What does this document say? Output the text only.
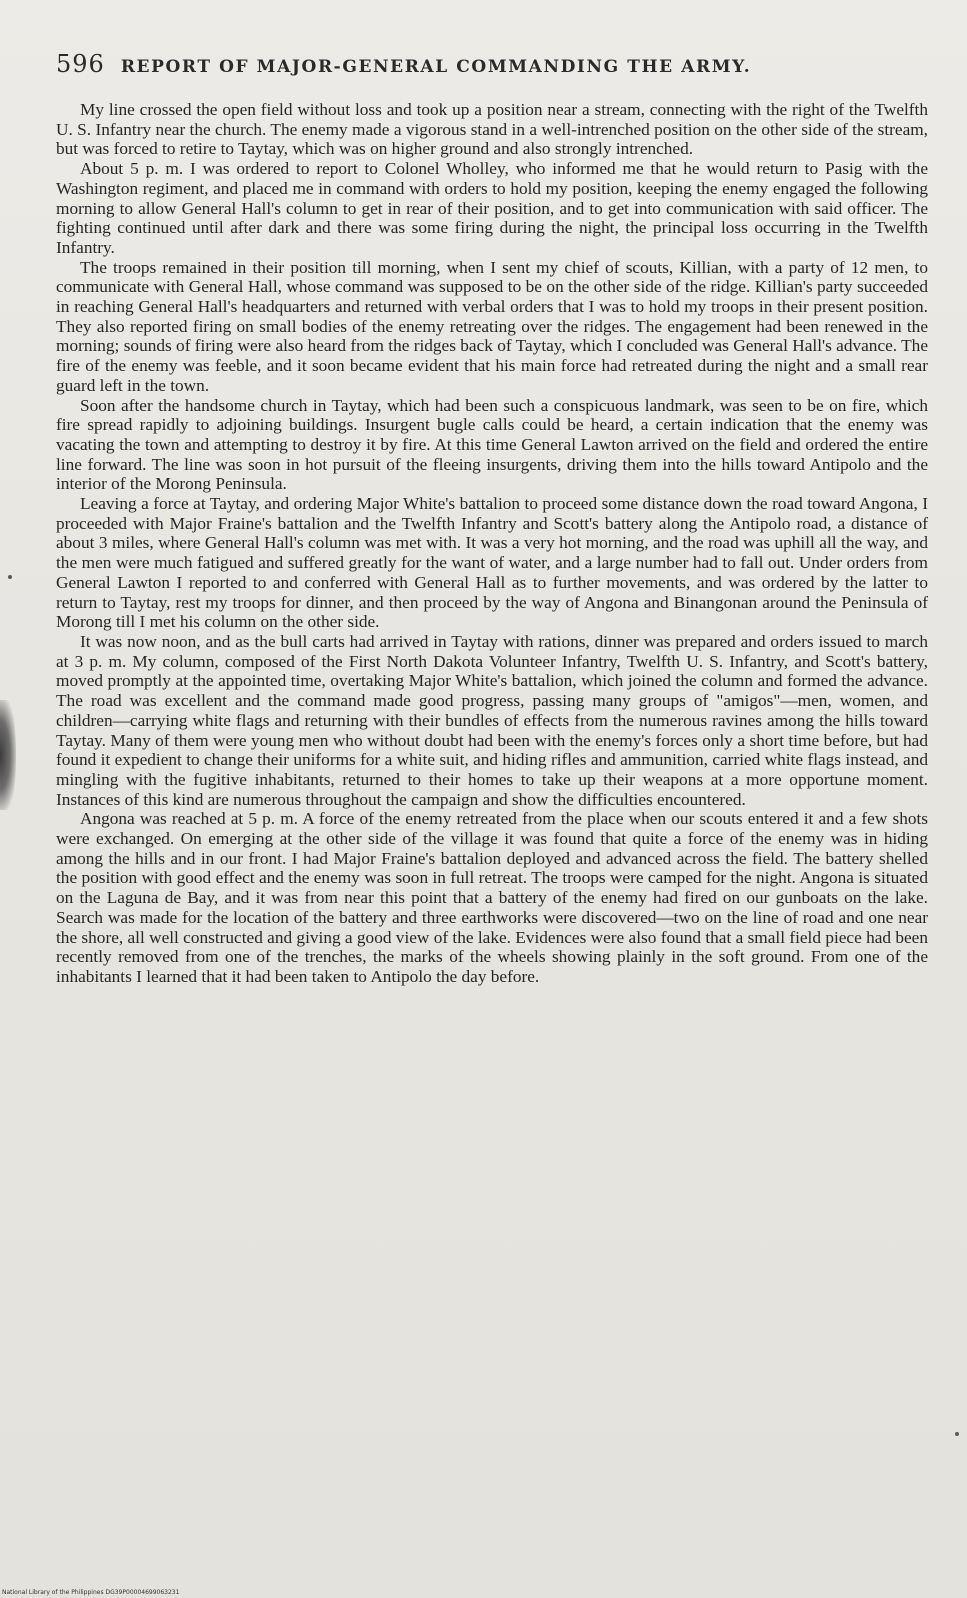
596 REPORT OF MAJOR-GENERAL COMMANDING THE ARMY.

My line crossed the open field without loss and took up a position near a stream, connecting with the right of the Twelfth U. S. Infantry near the church. The enemy made a vigorous stand in a well-intrenched position on the other side of the stream, but was forced to retire to Taytay, which was on higher ground and also strongly intrenched.

About 5 p. m. I was ordered to report to Colonel Wholley, who informed me that he would return to Pasig with the Washington regiment, and placed me in command with orders to hold my position, keeping the enemy engaged the following morning to allow General Hall's column to get in rear of their position, and to get into communication with said officer. The fighting continued until after dark and there was some firing during the night, the principal loss occurring in the Twelfth Infantry.

The troops remained in their position till morning, when I sent my chief of scouts, Killian, with a party of 12 men, to communicate with General Hall, whose command was supposed to be on the other side of the ridge. Killian's party succeeded in reaching General Hall's headquarters and returned with verbal orders that I was to hold my troops in their present position. They also reported firing on small bodies of the enemy retreating over the ridges. The engagement had been renewed in the morning; sounds of firing were also heard from the ridges back of Taytay, which I concluded was General Hall's advance. The fire of the enemy was feeble, and it soon became evident that his main force had retreated during the night and a small rear guard left in the town.

Soon after the handsome church in Taytay, which had been such a conspicuous landmark, was seen to be on fire, which fire spread rapidly to adjoining buildings. Insurgent bugle calls could be heard, a certain indication that the enemy was vacating the town and attempting to destroy it by fire. At this time General Lawton arrived on the field and ordered the entire line forward. The line was soon in hot pursuit of the fleeing insurgents, driving them into the hills toward Antipolo and the interior of the Morong Peninsula.

Leaving a force at Taytay, and ordering Major White's battalion to proceed some distance down the road toward Angona, I proceeded with Major Fraine's battalion and the Twelfth Infantry and Scott's battery along the Antipolo road, a distance of about 3 miles, where General Hall's column was met with. It was a very hot morning, and the road was uphill all the way, and the men were much fatigued and suffered greatly for the want of water, and a large number had to fall out. Under orders from General Lawton I reported to and conferred with General Hall as to further movements, and was ordered by the latter to return to Taytay, rest my troops for dinner, and then proceed by the way of Angona and Binangonan around the Peninsula of Morong till I met his column on the other side.

It was now noon, and as the bull carts had arrived in Taytay with rations, dinner was prepared and orders issued to march at 3 p. m. My column, composed of the First North Dakota Volunteer Infantry, Twelfth U. S. Infantry, and Scott's battery, moved promptly at the appointed time, overtaking Major White's battalion, which joined the column and formed the advance. The road was excellent and the command made good progress, passing many groups of "amigos"—men, women, and children—carrying white flags and returning with their bundles of effects from the numerous ravines among the hills toward Taytay. Many of them were young men who without doubt had been with the enemy's forces only a short time before, but had found it expedient to change their uniforms for a white suit, and hiding rifles and ammunition, carried white flags instead, and mingling with the fugitive inhabitants, returned to their homes to take up their weapons at a more opportune moment. Instances of this kind are numerous throughout the campaign and show the difficulties encountered.

Angona was reached at 5 p. m. A force of the enemy retreated from the place when our scouts entered it and a few shots were exchanged. On emerging at the other side of the village it was found that quite a force of the enemy was in hiding among the hills and in our front. I had Major Fraine's battalion deployed and advanced across the field. The battery shelled the position with good effect and the enemy was soon in full retreat. The troops were camped for the night. Angona is situated on the Laguna de Bay, and it was from near this point that a battery of the enemy had fired on our gunboats on the lake. Search was made for the location of the battery and three earthworks were discovered—two on the line of road and one near the shore, all well constructed and giving a good view of the lake. Evidences were also found that a small field piece had been recently removed from one of the trenches, the marks of the wheels showing plainly in the soft ground. From one of the inhabitants I learned that it had been taken to Antipolo the day before.

National Library of the Philippines DG39P00004699063231
